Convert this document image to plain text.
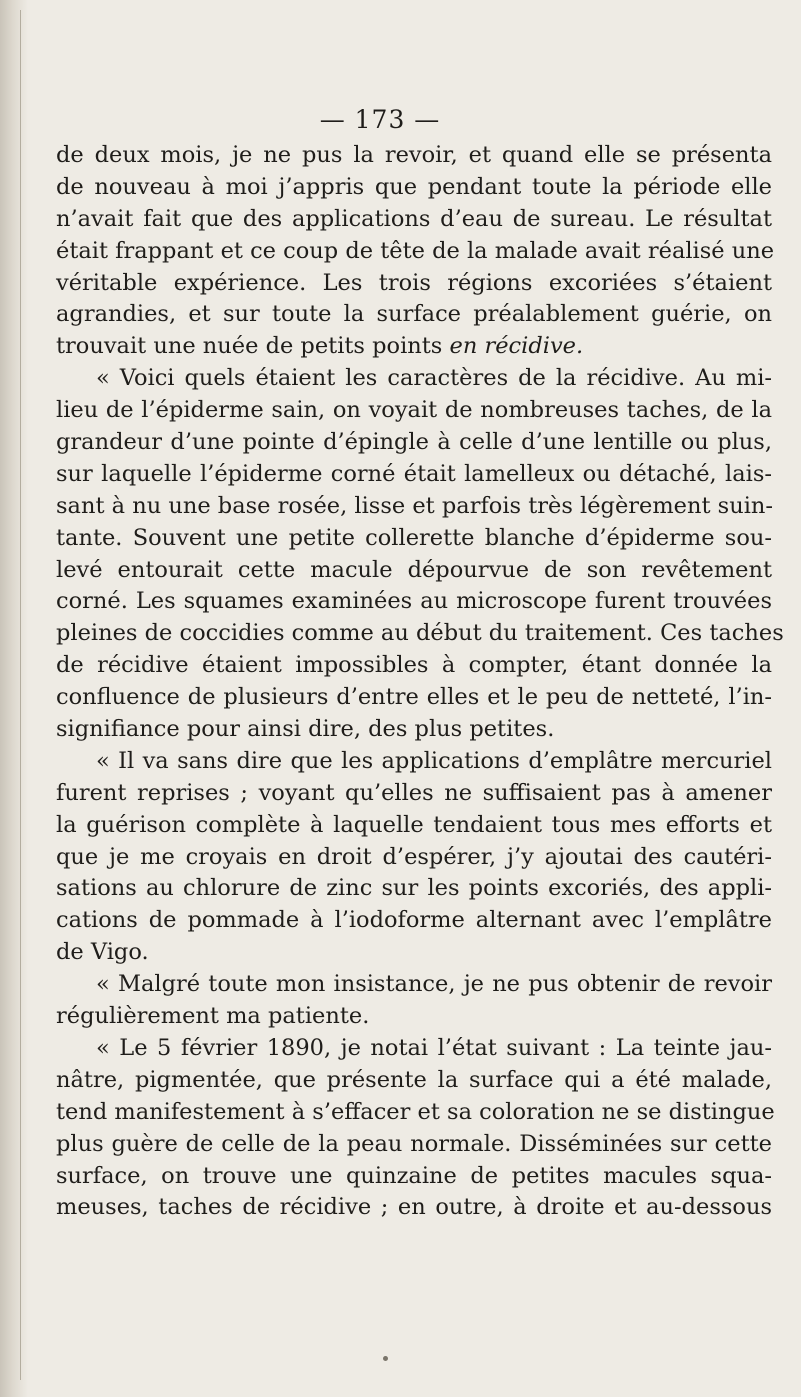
— 173 —
de deux mois, je ne pus la revoir, et quand elle se présenta
de nouveau à moi j’appris que pendant toute la période elle
n’avait fait que des applications d’eau de sureau. Le résultat
était frappant et ce coup de tête de la malade avait réalisé une
véritable expérience. Les trois régions excoriées s’étaient
agrandies, et sur toute la surface préalablement guérie, on
trouvait une nuée de petits points en récidive.
« Voici quels étaient les caractères de la récidive. Au mi-
lieu de l’épiderme sain, on voyait de nombreuses taches, de la
grandeur d’une pointe d’épingle à celle d’une lentille ou plus,
sur laquelle l’épiderme corné était lamelleux ou détaché, lais-
sant à nu une base rosée, lisse et parfois très légèrement suin-
tante. Souvent une petite collerette blanche d’épiderme sou-
levé entourait cette macule dépourvue de son revêtement
corné. Les squames examinées au microscope furent trouvées
pleines de coccidies comme au début du traitement. Ces taches
de récidive étaient impossibles à compter, étant donnée la
confluence de plusieurs d’entre elles et le peu de netteté, l’in-
signifiance pour ainsi dire, des plus petites.
« Il va sans dire que les applications d’emplâtre mercuriel
furent reprises ; voyant qu’elles ne suffisaient pas à amener
la guérison complète à laquelle tendaient tous mes efforts et
que je me croyais en droit d’espérer, j’y ajoutai des cautéri-
sations au chlorure de zinc sur les points excoriés, des appli-
cations de pommade à l’iodoforme alternant avec l’emplâtre
de Vigo.
« Malgré toute mon insistance, je ne pus obtenir de revoir
régulièrement ma patiente.
« Le 5 février 1890, je notai l’état suivant : La teinte jau-
nâtre, pigmentée, que présente la surface qui a été malade,
tend manifestement à s’effacer et sa coloration ne se distingue
plus guère de celle de la peau normale. Disséminées sur cette
surface, on trouve une quinzaine de petites macules squa-
meuses, taches de récidive ; en outre, à droite et au-dessous
